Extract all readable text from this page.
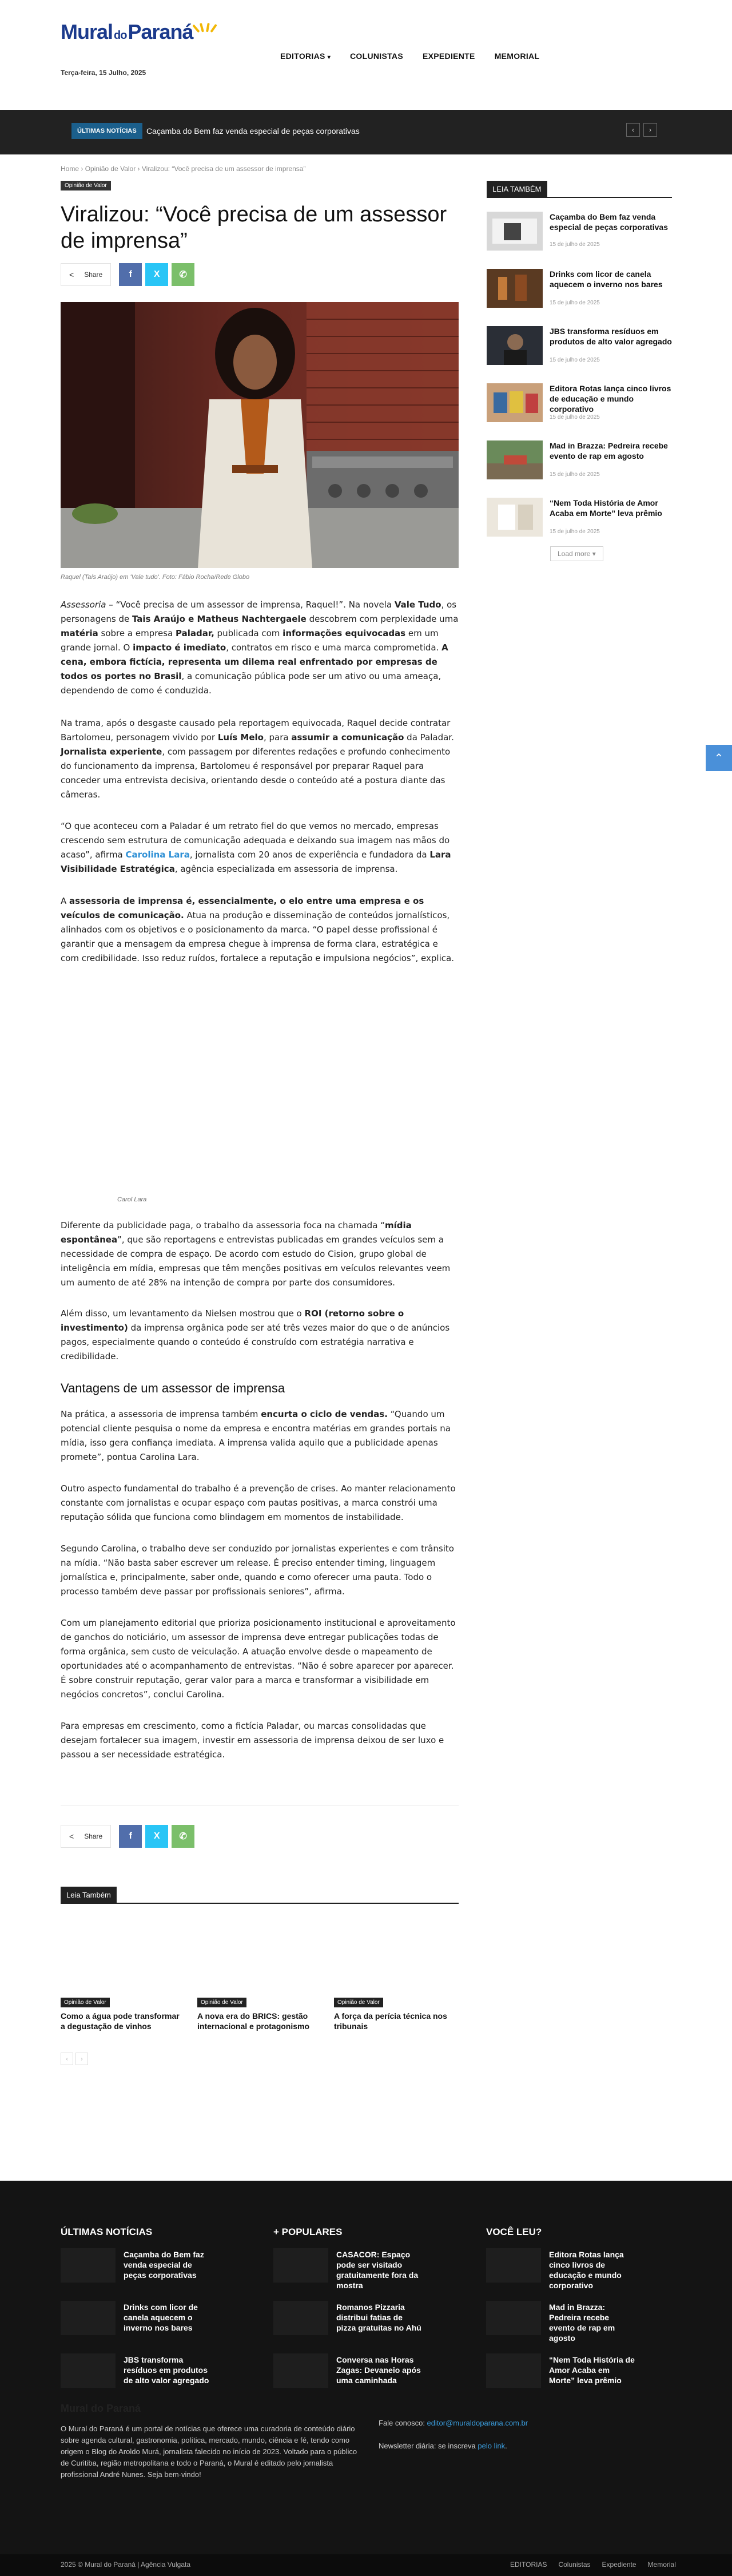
Mural doParaná
Terça-feira, 15 Julho, 2025
EDITORIAS ▾ COLUNISTAS EXPEDIENTE MEMORIAL
ÚLTIMAS NOTÍCIAS	Caçamba do Bem faz venda especial de peças corporativas	‹	›
Home › Opinião de Valor › Viralizou: “Você precisa de um assessor de imprensa”
Opinião de Valor
Viralizou: “Você precisa de um assessor de imprensa”
< Share	f X ✆
Raquel (Taís Araújo) em 'Vale tudo'. Foto: Fábio Rocha/Rede Globo

Assessoria – “Você precisa de um assessor de imprensa, Raquel!”. Na novela Vale Tudo, os personagens de Tais Araújo e Matheus Nachtergaele descobrem com perplexidade uma matéria sobre a empresa Paladar, publicada com informações equivocadas em um grande jornal. O impacto é imediato, contratos em risco e uma marca comprometida. A cena, embora fictícia, representa um dilema real enfrentado por empresas de todos os portes no Brasil, a comunicação pública pode ser um ativo ou uma ameaça, dependendo de como é conduzida.

Na trama, após o desgaste causado pela reportagem equivocada, Raquel decide contratar Bartolomeu, personagem vivido por Luís Melo, para assumir a comunicação da Paladar. Jornalista experiente, com passagem por diferentes redações e profundo conhecimento do funcionamento da imprensa, Bartolomeu é responsável por preparar Raquel para conceder uma entrevista decisiva, orientando desde o conteúdo até a postura diante das câmeras.

“O que aconteceu com a Paladar é um retrato fiel do que vemos no mercado, empresas crescendo sem estrutura de comunicação adequada e deixando sua imagem nas mãos do acaso”, afirma Carolina Lara, jornalista com 20 anos de experiência e fundadora da Lara Visibilidade Estratégica, agência especializada em assessoria de imprensa.

A assessoria de imprensa é, essencialmente, o elo entre uma empresa e os veículos de comunicação. Atua na produção e disseminação de conteúdos jornalísticos, alinhados com os objetivos e o posicionamento da marca. “O papel desse profissional é garantir que a mensagem da empresa chegue à imprensa de forma clara, estratégica e com credibilidade. Isso reduz ruídos, fortalece a reputação e impulsiona negócios”, explica.

Carol Lara

Diferente da publicidade paga, o trabalho da assessoria foca na chamada “mídia espontânea”, que são reportagens e entrevistas publicadas em grandes veículos sem a necessidade de compra de espaço. De acordo com estudo do Cision, grupo global de inteligência em mídia, empresas que têm menções positivas em veículos relevantes veem um aumento de até 28% na intenção de compra por parte dos consumidores.

Além disso, um levantamento da Nielsen mostrou que o ROI (retorno sobre o investimento) da imprensa orgânica pode ser até três vezes maior do que o de anúncios pagos, especialmente quando o conteúdo é construído com estratégia narrativa e credibilidade.

Vantagens de um assessor de imprensa

Na prática, a assessoria de imprensa também encurta o ciclo de vendas. “Quando um potencial cliente pesquisa o nome da empresa e encontra matérias em grandes portais na mídia, isso gera confiança imediata. A imprensa valida aquilo que a publicidade apenas promete”, pontua Carolina Lara.

Outro aspecto fundamental do trabalho é a prevenção de crises. Ao manter relacionamento constante com jornalistas e ocupar espaço com pautas positivas, a marca constrói uma reputação sólida que funciona como blindagem em momentos de instabilidade.

Segundo Carolina, o trabalho deve ser conduzido por jornalistas experientes e com trânsito na mídia. “Não basta saber escrever um release. É preciso entender timing, linguagem jornalística e, principalmente, saber onde, quando e como oferecer uma pauta. Todo o processo também deve passar por profissionais seniores”, afirma.

Com um planejamento editorial que prioriza posicionamento institucional e aproveitamento de ganchos do noticiário, um assessor de imprensa deve entregar publicações todas de forma orgânica, sem custo de veiculação. A atuação envolve desde o mapeamento de oportunidades até o acompanhamento de entrevistas. “Não é sobre aparecer por aparecer. É sobre construir reputação, gerar valor para a marca e transformar a visibilidade em negócios concretos”, conclui Carolina.

Para empresas em crescimento, como a fictícia Paladar, ou marcas consolidadas que desejam fortalecer sua imagem, investir em assessoria de imprensa deixou de ser luxo e passou a ser necessidade estratégica.

< Share	f X ✆
Leia Também
Opinião de Valor
Como a água pode transformar a degustação de vinhos
Opinião de Valor
A nova era do BRICS: gestão internacional e protagonismo
Opinião de Valor
A força da perícia técnica nos tribunais
‹	›
LEIA TAMBÉM
Caçamba do Bem faz venda especial de peças corporativas
15 de julho de 2025
Drinks com licor de canela aquecem o inverno nos bares
15 de julho de 2025
JBS transforma resíduos em produtos de alto valor agregado
15 de julho de 2025
Editora Rotas lança cinco livros de educação e mundo corporativo
15 de julho de 2025
Mad in Brazza: Pedreira recebe evento de rap em agosto
15 de julho de 2025
“Nem Toda História de Amor Acaba em Morte” leva prêmio
15 de julho de 2025
Load more ▾
⌃
ÚLTIMAS NOTÍCIAS	+ POPULARES	VOCÊ LEU?
Caçamba do Bem faz venda especial de peças corporativas
Drinks com licor de canela aquecem o inverno nos bares
JBS transforma resíduos em produtos de alto valor agregado
CASACOR: Espaço pode ser visitado gratuitamente fora da mostra
Romanos Pizzaria distribui fatias de pizza gratuitas no Ahú
Conversa nas Horas Zagas: Devaneio após uma caminhada
Editora Rotas lança cinco livros de educação e mundo corporativo
Mad in Brazza: Pedreira recebe evento de rap em agosto
“Nem Toda História de Amor Acaba em Morte” leva prêmio
Mural do Paraná
O Mural do Paraná é um portal de notícias que oferece uma curadoria de conteúdo diário sobre agenda cultural, gastronomia, política, mercado, mundo, ciência e fé, tendo como origem o Blog do Aroldo Murá, jornalista falecido no início de 2023. Voltado para o público de Curitiba, região metropolitana e todo o Paraná, o Mural é editado pelo jornalista profissional André Nunes. Seja bem-vindo!
Fale conosco: editor@muraldoparana.com.br
Newsletter diária: se inscreva pelo link.
2025 © Mural do Paraná | Agência Vulgata	EDITORIAS Colunistas Expediente Memorial
